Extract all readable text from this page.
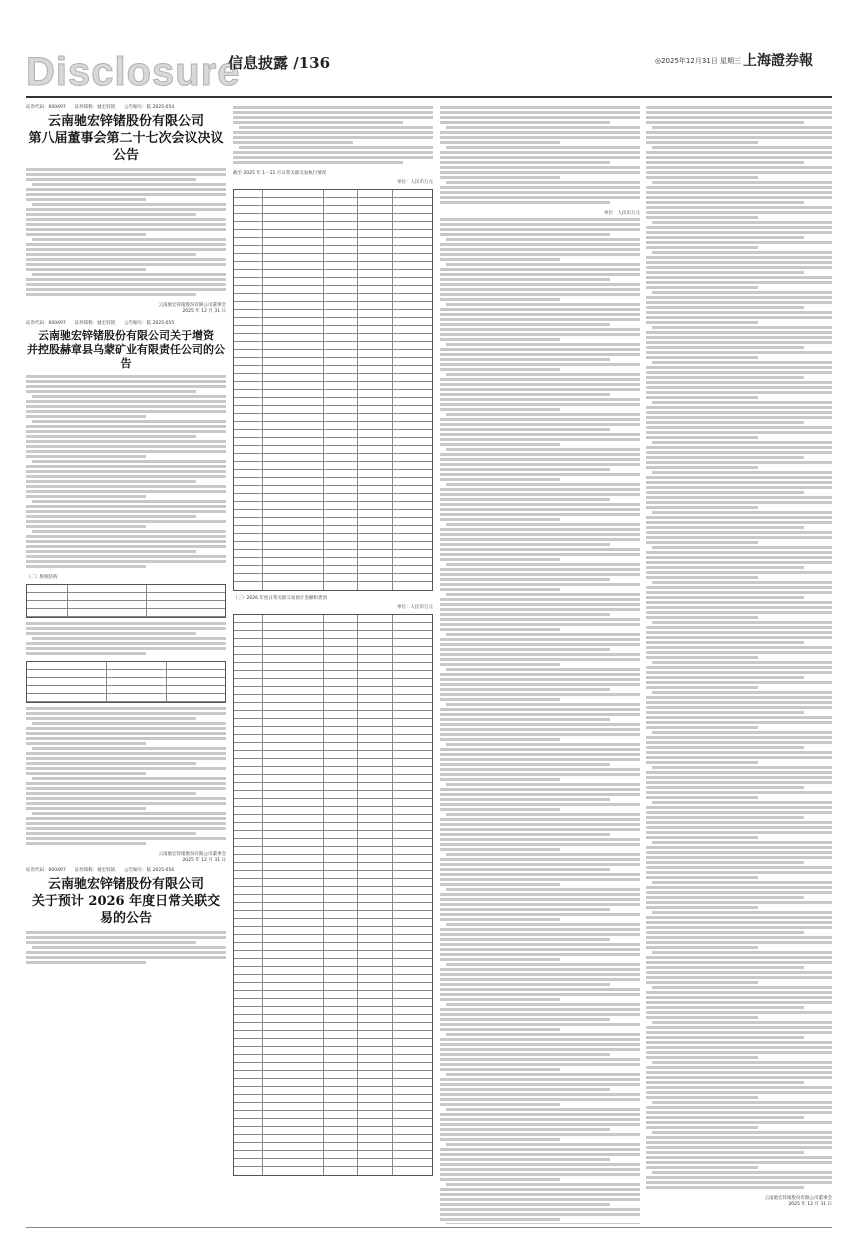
Disclosure
信息披露 /136	◎2025年12月31日 星期三 上海證券報
证券代码：600497　　证券简称：驰宏锌锗　　公告编号：临 2025-054
云南驰宏锌锗股份有限公司
第八届董事会第二十七次会议决议公告
云南驰宏锌锗股份有限公司董事会
2025 年 12 月 31 日
证券代码：600497　　证券简称：驰宏锌锗　　公告编号：临 2025-055
云南驰宏锌锗股份有限公司关于增资
并控股赫章县乌蒙矿业有限责任公司的公告
（二）股权结构
云南驰宏锌锗股份有限公司董事会
2025 年 12 月 31 日
证券代码：600497　　证券简称：驰宏锌锗　　公告编号：临 2025-056
云南驰宏锌锗股份有限公司
关于预计 2026 年度日常关联交易的公告
截至 2025 年 1－11 月日常关联交易执行情况
单位：人民币万元
（三）2026 年度日常关联交易预计金额和类别
单位：人民币万元
单位：人民币万元
云南驰宏锌锗股份有限公司董事会
2025 年 12 月 31 日
